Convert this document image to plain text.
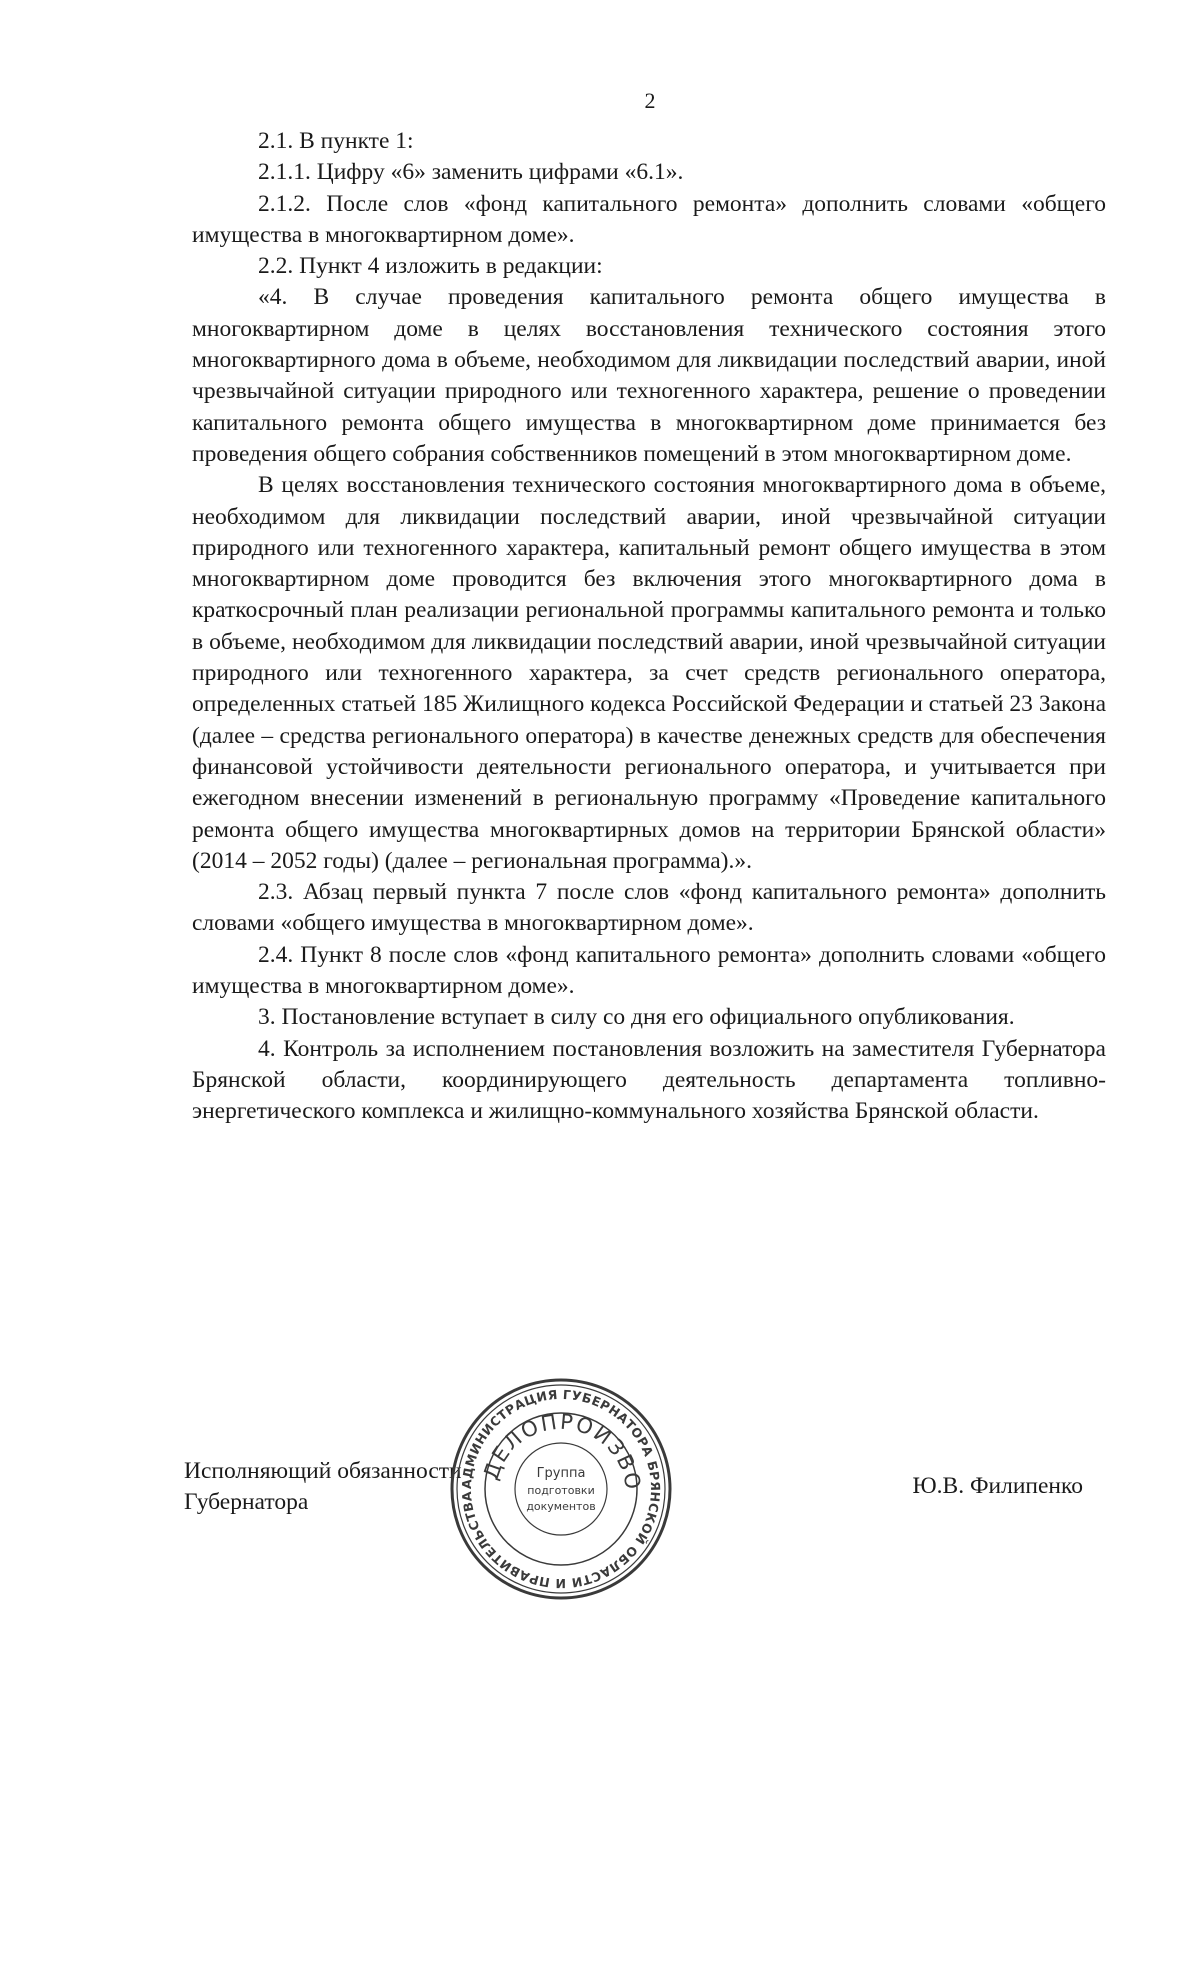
2

2.1. В пункте 1:

2.1.1. Цифру «6» заменить цифрами «6.1».

2.1.2. После слов «фонд капитального ремонта» дополнить словами «общего имущества в многоквартирном доме».

2.2. Пункт 4 изложить в редакции:

«4. В случае проведения капитального ремонта общего имущества в многоквартирном доме в целях восстановления технического состояния этого многоквартирного дома в объеме, необходимом для ликвидации последствий аварии, иной чрезвычайной ситуации природного или техногенного характера, решение о проведении капитального ремонта общего имущества в многоквартирном доме принимается без проведения общего собрания собственников помещений в этом многоквартирном доме.

В целях восстановления технического состояния многоквартирного дома в объеме, необходимом для ликвидации последствий аварии, иной чрезвычайной ситуации природного или техногенного характера, капитальный ремонт общего имущества в этом многоквартирном доме проводится без включения этого многоквартирного дома в краткосрочный план реализации региональной программы капитального ремонта и только в объеме, необходимом для ликвидации последствий аварии, иной чрезвычайной ситуации природного или техногенного характера, за счет средств регионального оператора, определенных статьей 185 Жилищного кодекса Российской Федерации и статьей 23 Закона (далее – средства регионального оператора) в качестве денежных средств для обеспечения финансовой устойчивости деятельности регионального оператора, и учитывается при ежегодном внесении изменений в региональную программу «Проведение капитального ремонта общего имущества многоквартирных домов на территории Брянской области» (2014 – 2052 годы) (далее – региональная программа).».

2.3. Абзац первый пункта 7 после слов «фонд капитального ремонта» дополнить словами «общего имущества в многоквартирном доме».

2.4. Пункт 8 после слов «фонд капитального ремонта» дополнить словами «общего имущества в многоквартирном доме».

3. Постановление вступает в силу со дня его официального опубликования.

4. Контроль за исполнением постановления возложить на заместителя Губернатора Брянской области, координирующего деятельность департамента топливно-энергетического комплекса и жилищно-коммунального хозяйства Брянской области.

Исполняющий обязанности
Губернатора
Ю.В. Филипенко
АДМИНИСТРАЦИЯ ГУБЕРНАТОРА БРЯНСКОЙ ОБЛАСТИ И ПРАВИТЕЛЬСТВА
ДЕЛОПРОИЗВО
Группа
подготовки
документов
